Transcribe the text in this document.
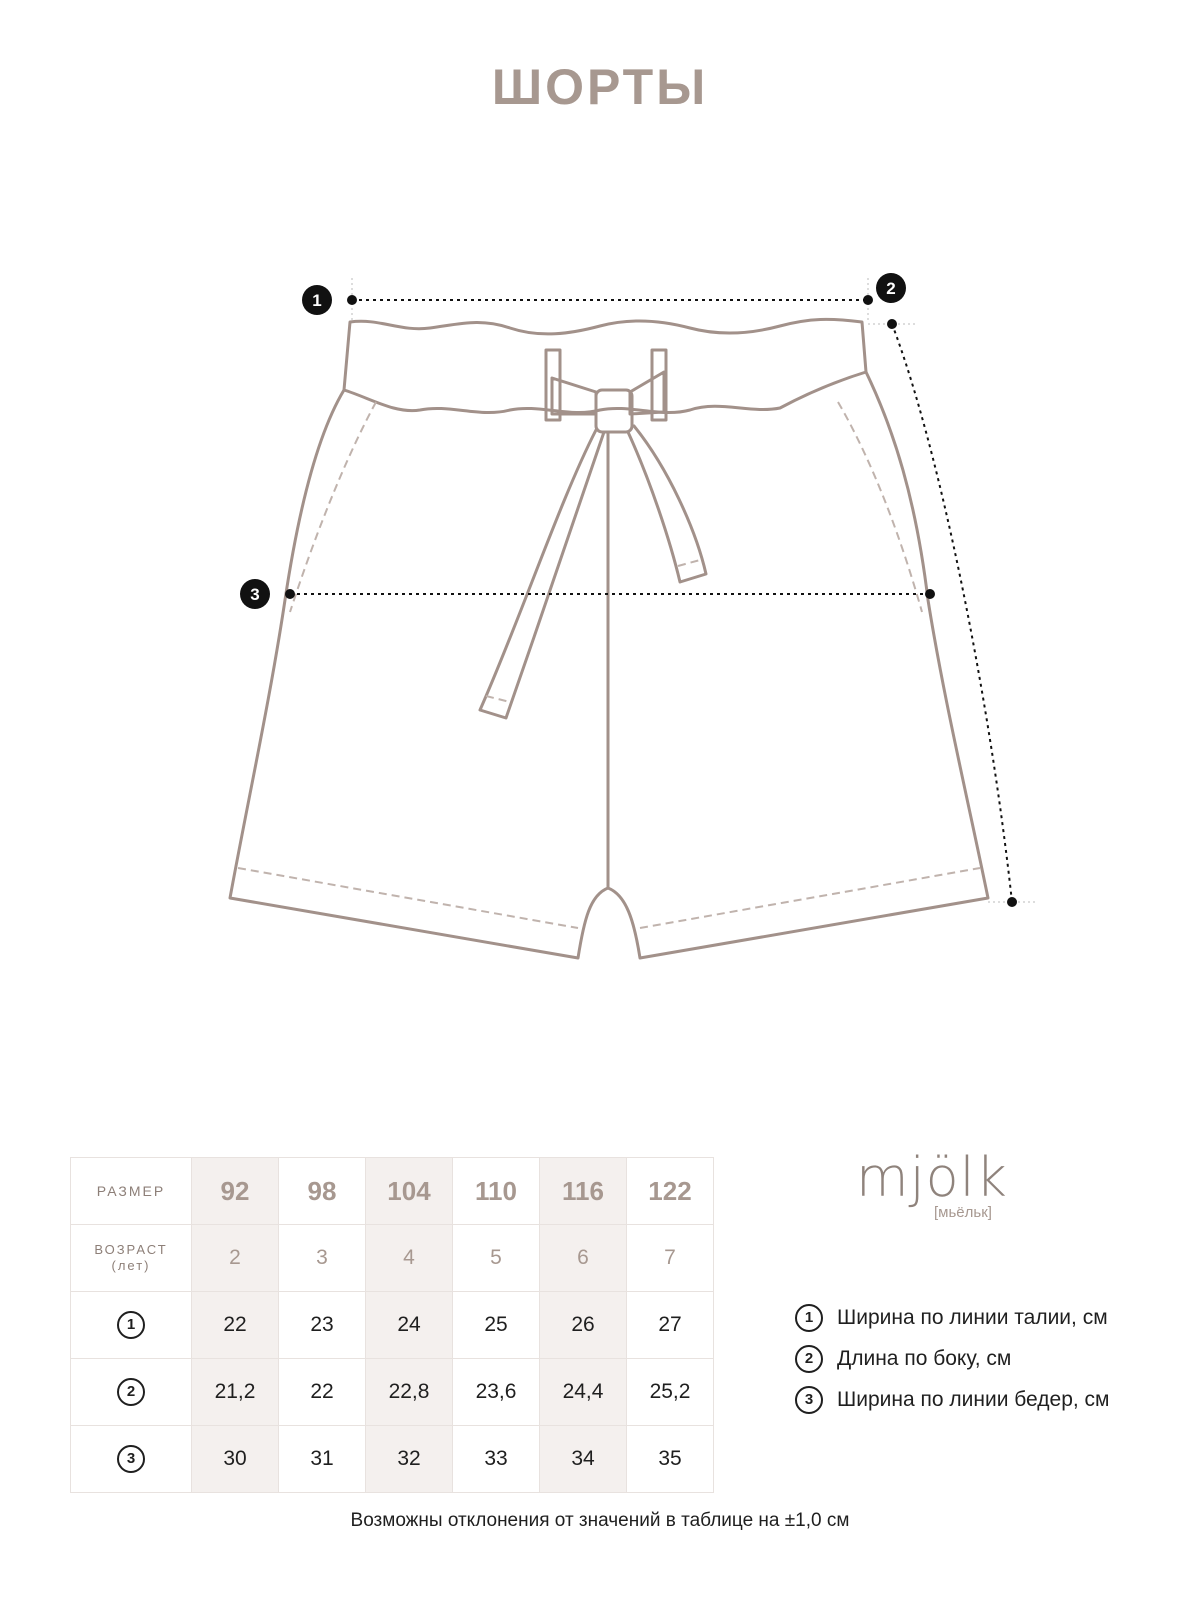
ШОРТЫ
1
2
3
РАЗМЕР	92	98	104	110	116	122
ВОЗРАСТ
(лет)	2	3	4	5	6	7
1	22	23	24	25	26	27
2	21,2	22	22,8	23,6	24,4	25,2
3	30	31	32	33	34	35
mjölk
[мьёльк]
1	Ширина по линии талии, см
2	Длина по боку, см
3	Ширина по линии бедер, см
Возможны отклонения от значений в таблице на ±1,0 см
